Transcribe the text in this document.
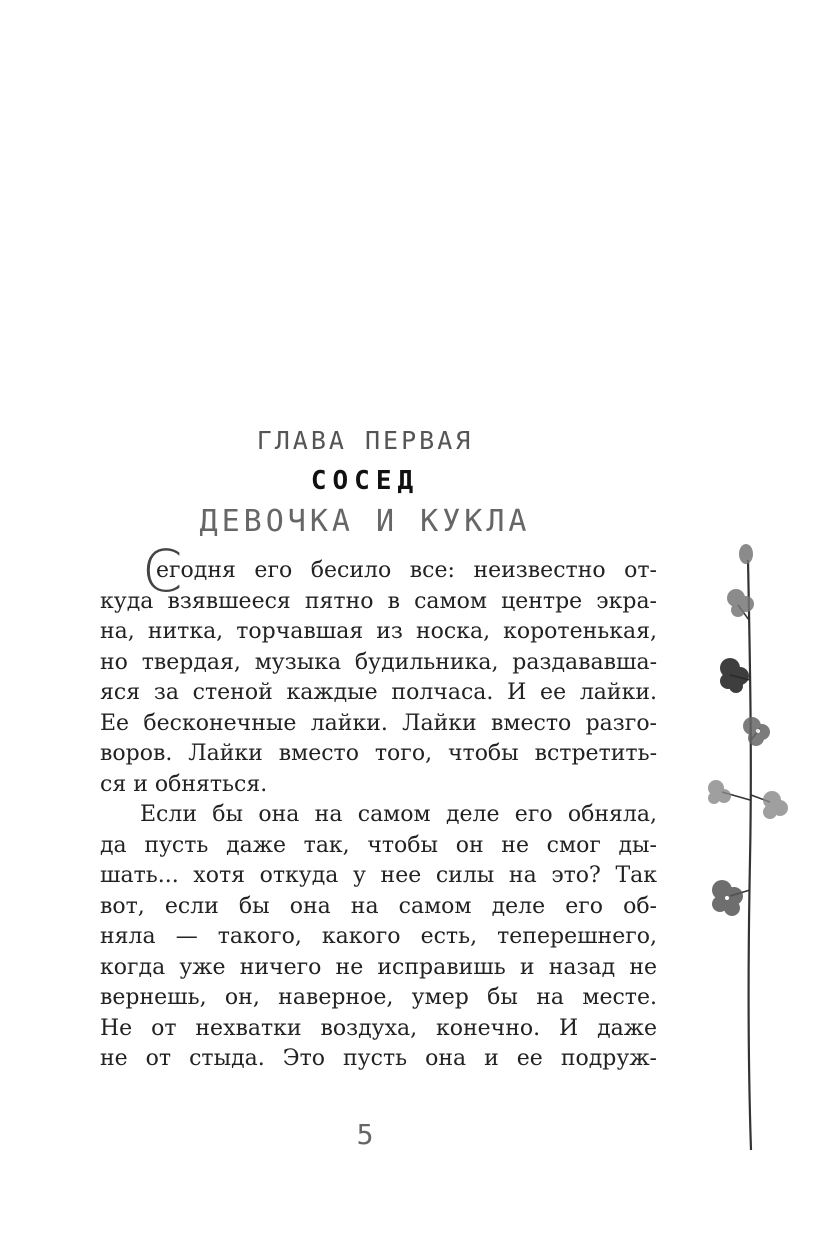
ГЛАВА ПЕРВАЯ
СОСЕД
ДЕВОЧКА И КУКЛА
С
егодня его бесило все: неизвестно от-
куда взявшееся пятно в самом центре экра-
на, нитка, торчавшая из носка, коротенькая,
но твердая, музыка будильника, раздававша-
яся за стеной каждые полчаса. И ее лайки.
Ее бесконечные лайки. Лайки вместо разго-
воров. Лайки вместо того, чтобы встретить-
ся и обняться.
Если бы она на самом деле его обняла,
да пусть даже так, чтобы он не смог ды-
шать... хотя откуда у нее силы на это? Так
вот, если бы она на самом деле его об-
няла — такого, какого есть, теперешнего,
когда уже ничего не исправишь и назад не
вернешь, он, наверное, умер бы на месте.
Не от нехватки воздуха, конечно. И даже
не от стыда. Это пусть она и ее подруж-
5
